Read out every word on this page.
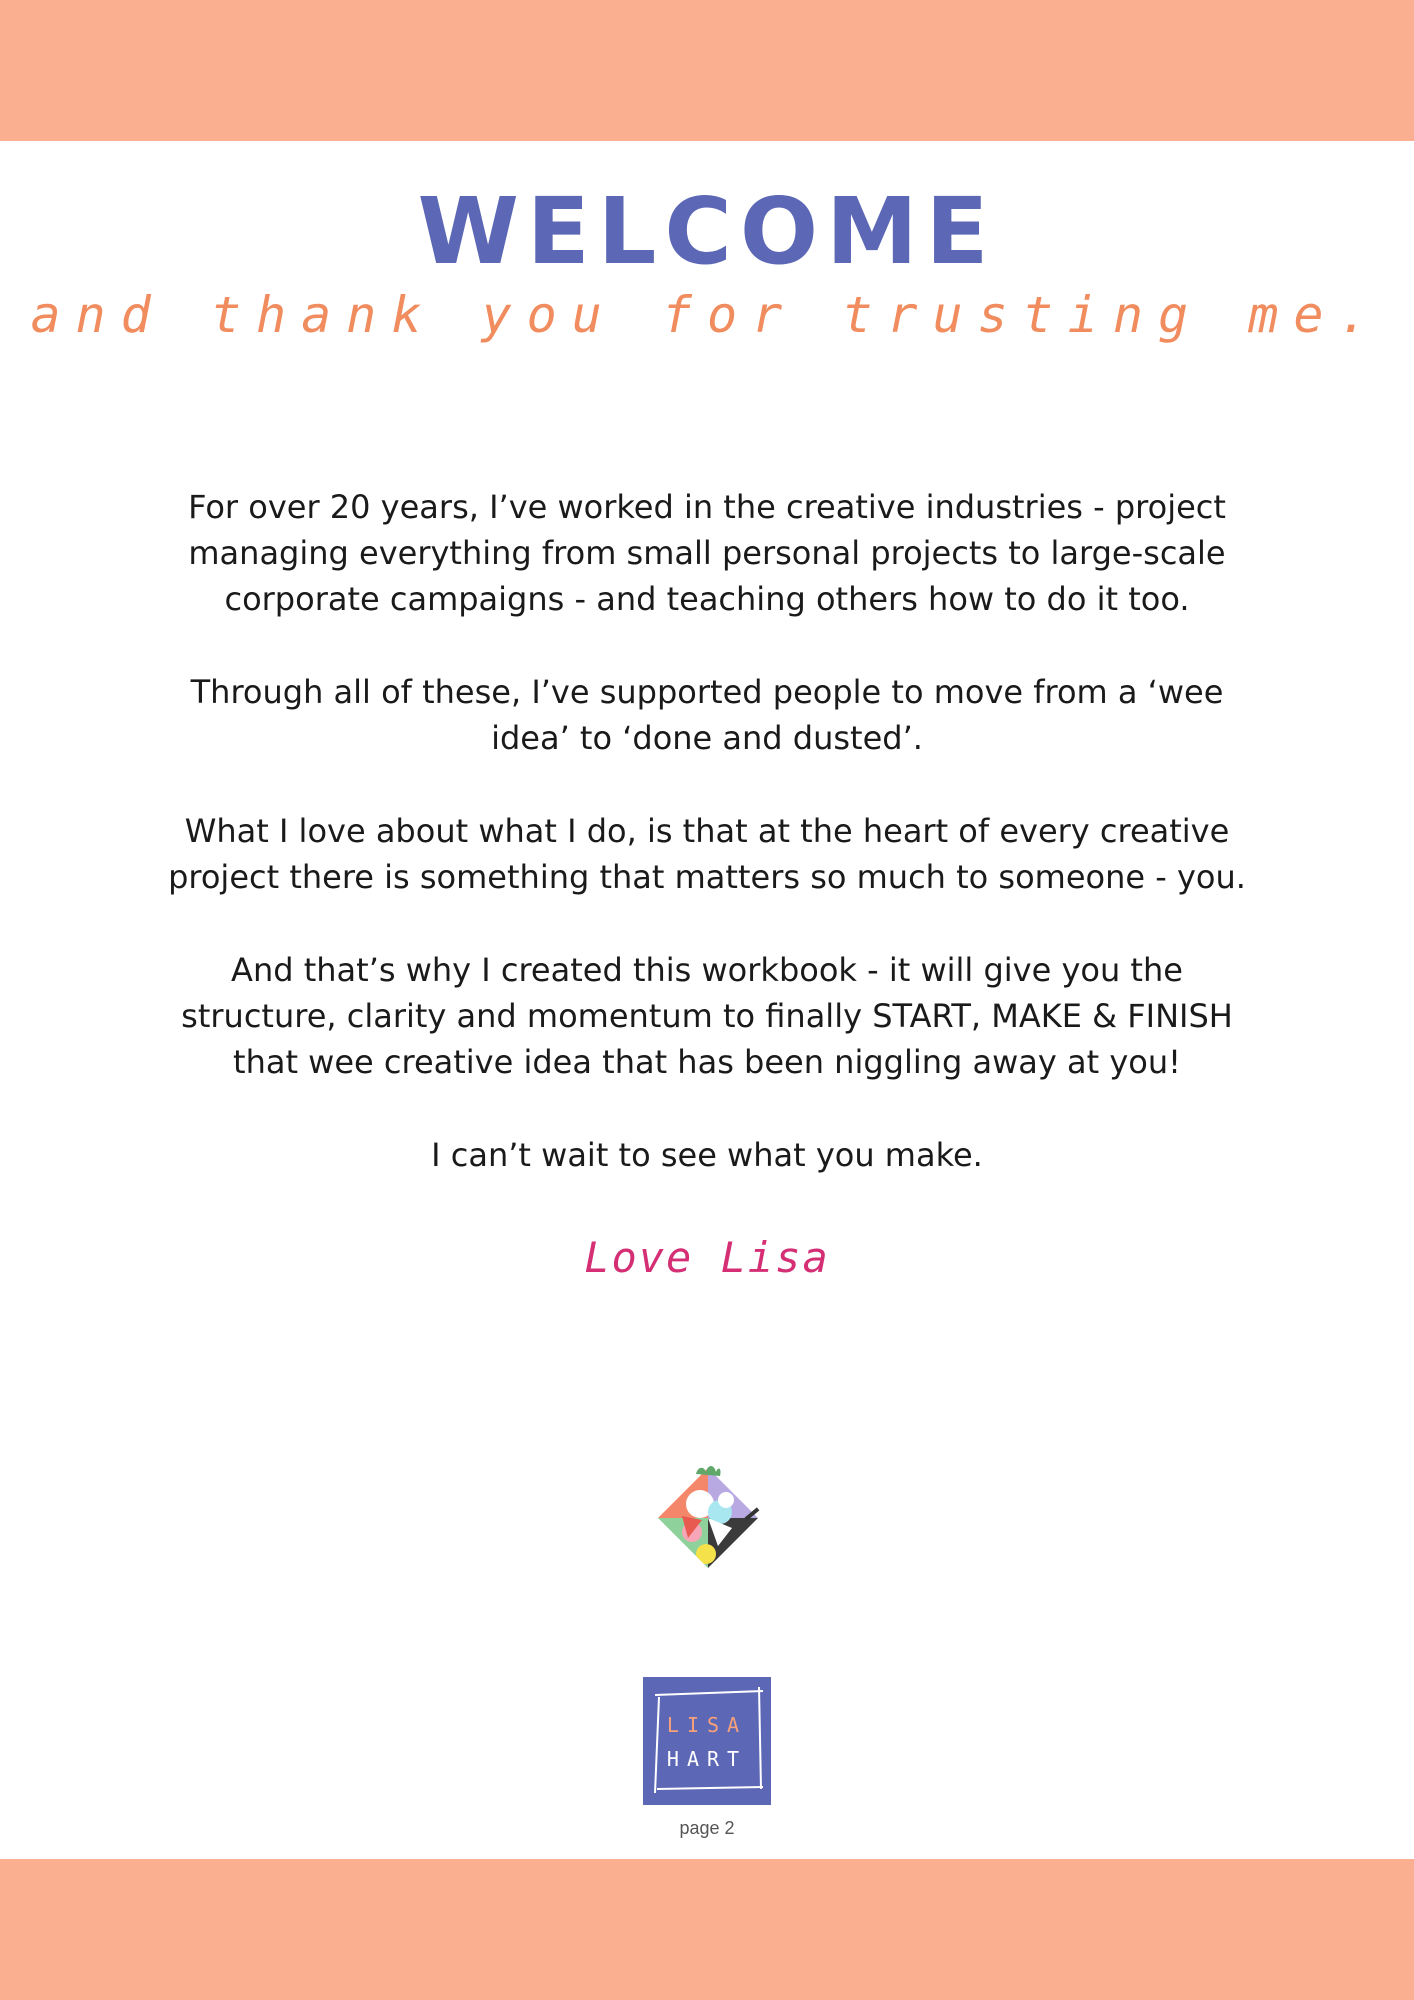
WELCOME
and thank you for trusting me.

For over 20 years, I’ve worked in the creative industries - project managing everything from small personal projects to large-scale corporate campaigns - and teaching others how to do it too.

Through all of these, I’ve supported people to move from a ‘wee idea’ to ‘done and dusted’.

What I love about what I do, is that at the heart of every creative project there is something that matters so much to someone - you.

And that’s why I created this workbook - it will give you the structure, clarity and momentum to finally START, MAKE & FINISH that wee creative idea that has been niggling away at you!

I can’t wait to see what you make.

Love Lisa
LISA
HART
page 2
